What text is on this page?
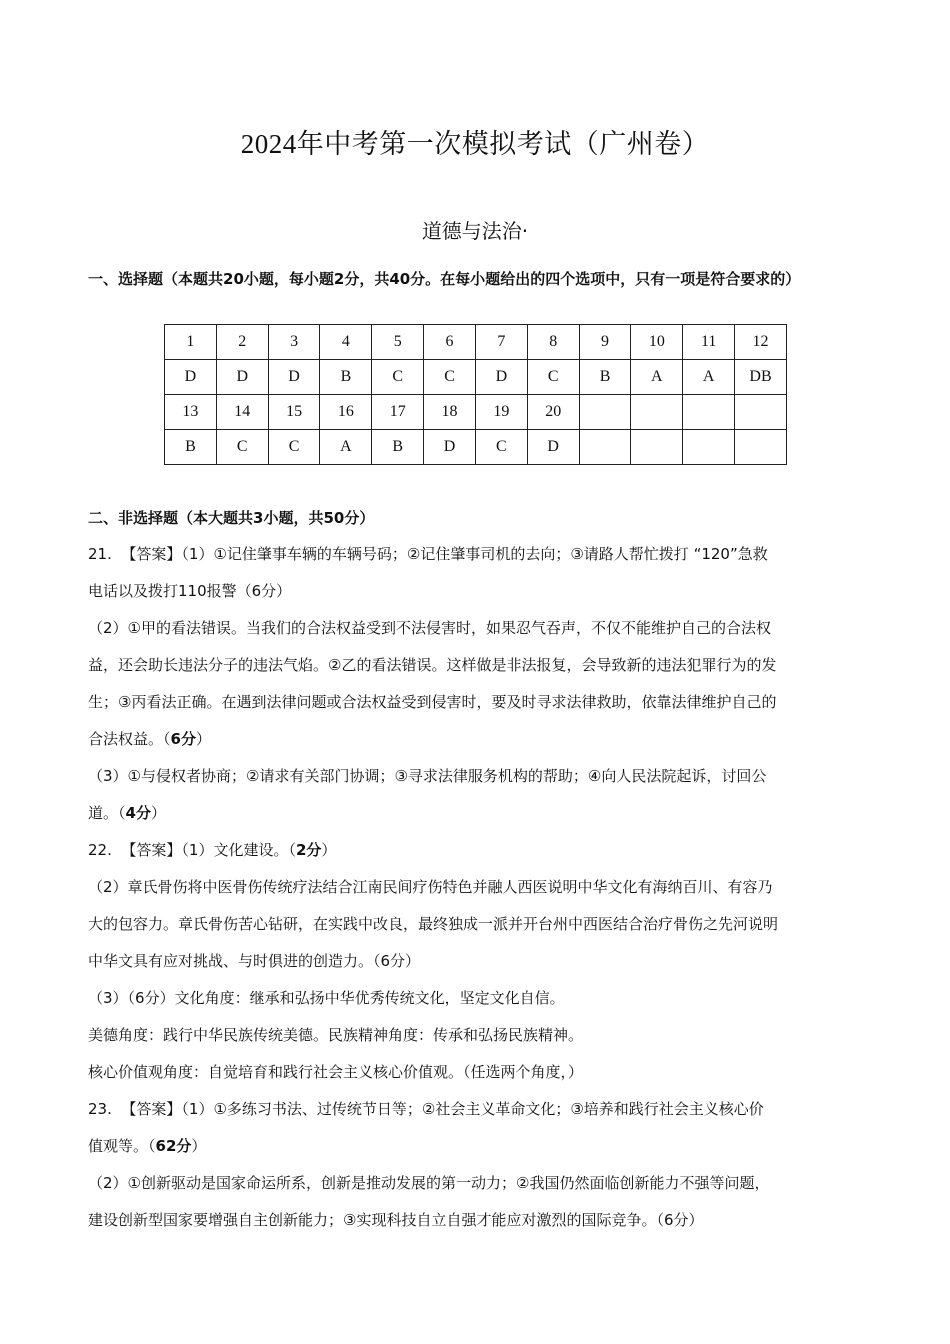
2024年中考第一次模拟考试（广州卷）
道德与法治·
一、选择题（本题共20小题，每小题2分，共40分。在每小题给出的四个选项中，只有一项是符合要求的）
1	2	3	4	5	6	7	8	9	10	11	12
D	D	D	B	C	C	D	C	B	A	A	DB
13	14	15	16	17	18	19	20				
B	C	C	A	B	D	C	D				
二、非选择题（本大题共3小题，共50分）

21. 【答案】（1）①记住肇事车辆的车辆号码；②记住肇事司机的去向；③请路人帮忙拨打 “120”急救

电话以及拨打110报警（6分）

（2）①甲的看法错误。当我们的合法权益受到不法侵害时，如果忍气吞声，不仅不能维护自己的合法权

益，还会助长违法分子的违法气焰。②乙的看法错误。这样做是非法报复，会导致新的违法犯罪行为的发

生；③丙看法正确。在遇到法律问题或合法权益受到侵害时，要及时寻求法律救助，依靠法律维护自己的

合法权益。（6分）

（3）①与侵权者协商；②请求有关部门协调；③寻求法律服务机构的帮助；④向人民法院起诉，讨回公

道。（4分）

22. 【答案】（1）文化建设。（2分）

（2）章氏骨伤将中医骨伤传统疗法结合江南民间疗伤特色并融人西医说明中华文化有海纳百川、有容乃

大的包容力。章氏骨伤苦心钻研，在实践中改良，最终独成一派并开台州中西医结合治疗骨伤之先河说明

中华文具有应对挑战、与时俱进的创造力。（6分）

（3）（6分）文化角度：继承和弘扬中华优秀传统文化，坚定文化自信。

美德角度：践行中华民族传统美德。民族精神角度：传承和弘扬民族精神。

核心价值观角度：自觉培育和践行社会主义核心价值观。（任选两个角度，）

23. 【答案】（1）①多练习书法、过传统节日等；②社会主义革命文化；③培养和践行社会主义核心价

值观等。（62分）

（2）①创新驱动是国家命运所系，创新是推动发展的第一动力；②我国仍然面临创新能力不强等问题，

建设创新型国家要增强自主创新能力；③实现科技自立自强才能应对激烈的国际竞争。（6分）
